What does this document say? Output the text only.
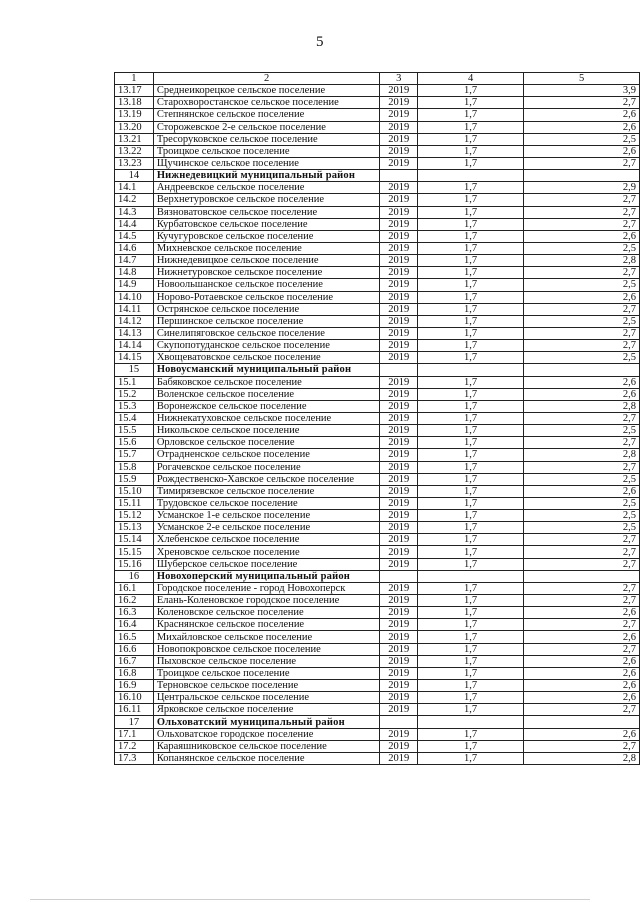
5
1	2	3	4	5
13.17	Среднеикорецкое сельское поселение	2019	1,7	3,9
13.18	Старохворостанское сельское поселение	2019	1,7	2,7
13.19	Степнянское сельское поселение	2019	1,7	2,6
13.20	Сторожевское 2-е сельское поселение	2019	1,7	2,6
13.21	Тресоруковское сельское поселение	2019	1,7	2,5
13.22	Троицкое сельское поселение	2019	1,7	2,6
13.23	Щучинское сельское поселение	2019	1,7	2,7
14	Нижнедевицкий муниципальный район			
14.1	Андреевское сельское поселение	2019	1,7	2,9
14.2	Верхнетуровское сельское поселение	2019	1,7	2,7
14.3	Вязноватовское сельское поселение	2019	1,7	2,7
14.4	Курбатовское сельское поселение	2019	1,7	2,7
14.5	Кучугуровское сельское поселение	2019	1,7	2,6
14.6	Михневское сельское поселение	2019	1,7	2,5
14.7	Нижнедевицкое сельское поселение	2019	1,7	2,8
14.8	Нижнетуровское сельское поселение	2019	1,7	2,7
14.9	Новоольшанское сельское поселение	2019	1,7	2,5
14.10	Норово-Ротаевское сельское поселение	2019	1,7	2,6
14.11	Острянское сельское поселение	2019	1,7	2,7
14.12	Першинское сельское поселение	2019	1,7	2,5
14.13	Синелипяговское сельское поселение	2019	1,7	2,7
14.14	Скупопотуданское сельское поселение	2019	1,7	2,7
14.15	Хвощеватовское сельское поселение	2019	1,7	2,5
15	Новоусманский муниципальный район			
15.1	Бабяковское сельское поселение	2019	1,7	2,6
15.2	Воленское сельское поселение	2019	1,7	2,6
15.3	Воронежское сельское поселение	2019	1,7	2,8
15.4	Нижнекатуховское сельское поселение	2019	1,7	2,7
15.5	Никольское сельское поселение	2019	1,7	2,5
15.6	Орловское сельское поселение	2019	1,7	2,7
15.7	Отрадненское сельское поселение	2019	1,7	2,8
15.8	Рогачевское сельское поселение	2019	1,7	2,7
15.9	Рождественско-Хавское сельское поселение	2019	1,7	2,5
15.10	Тимирязевское сельское поселение	2019	1,7	2,6
15.11	Трудовское сельское поселение	2019	1,7	2,5
15.12	Усманское 1-е сельское поселение	2019	1,7	2,5
15.13	Усманское 2-е сельское поселение	2019	1,7	2,5
15.14	Хлебенское сельское поселение	2019	1,7	2,7
15.15	Хреновское сельское поселение	2019	1,7	2,7
15.16	Шуберское сельское поселение	2019	1,7	2,7
16	Новохоперский муниципальный район			
16.1	Городское поселение - город Новохоперск	2019	1,7	2,7
16.2	Елань-Коленовское городское поселение	2019	1,7	2,7
16.3	Коленовское сельское поселение	2019	1,7	2,6
16.4	Краснянское сельское поселение	2019	1,7	2,7
16.5	Михайловское сельское поселение	2019	1,7	2,6
16.6	Новопокровское сельское поселение	2019	1,7	2,7
16.7	Пыховское сельское поселение	2019	1,7	2,6
16.8	Троицкое сельское поселение	2019	1,7	2,6
16.9	Терновское сельское поселение	2019	1,7	2,6
16.10	Центральское сельское поселение	2019	1,7	2,6
16.11	Ярковское сельское поселение	2019	1,7	2,7
17	Ольховатский муниципальный район			
17.1	Ольховатское городское поселение	2019	1,7	2,6
17.2	Караяшниковское сельское поселение	2019	1,7	2,7
17.3	Копанянское сельское поселение	2019	1,7	2,8
